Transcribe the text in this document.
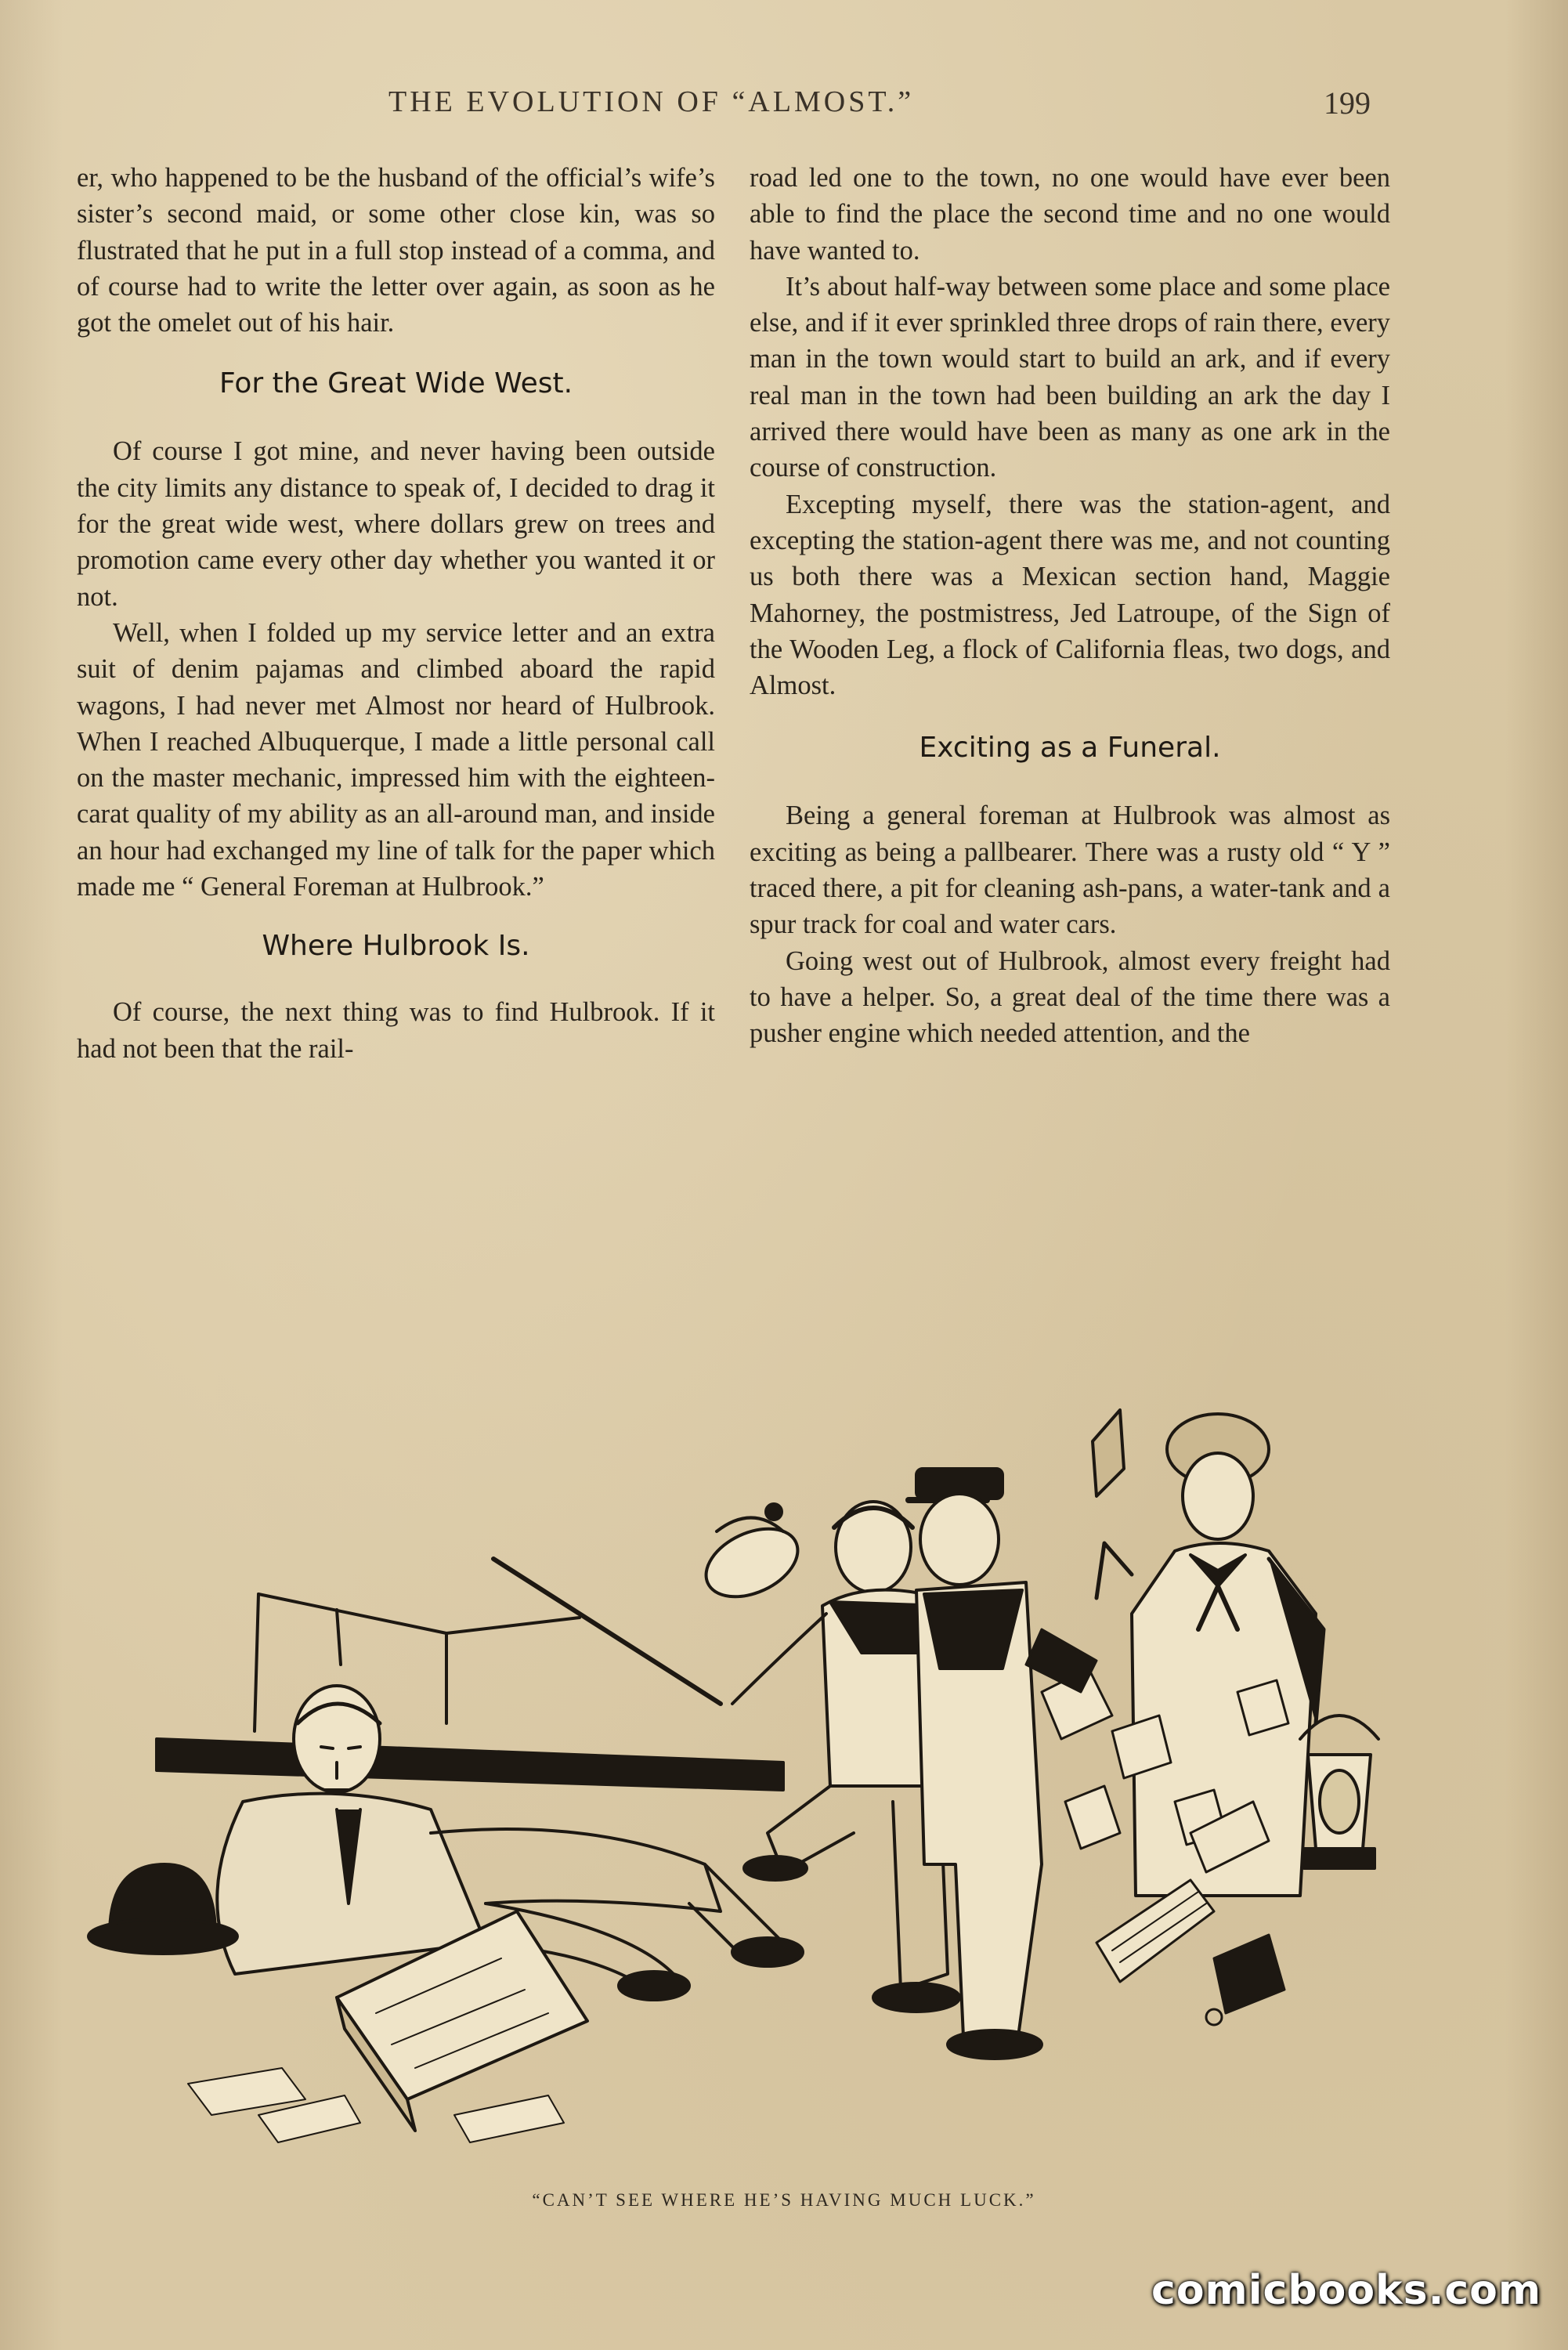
THE EVOLUTION OF “ALMOST.”	199

er, who happened to be the husband of the official’s wife’s sister’s second maid, or some other close kin, was so flustrated that he put in a full stop instead of a comma, and of course had to write the letter over again, as soon as he got the omelet out of his hair.

For the Great Wide West.

Of course I got mine, and never having been outside the city limits any distance to speak of, I decided to drag it for the great wide west, where dollars grew on trees and promotion came every other day whether you wanted it or not.

Well, when I folded up my service letter and an extra suit of denim pajamas and climbed aboard the rapid wagons, I had never met Almost nor heard of Hulbrook. When I reached Albuquerque, I made a little personal call on the master mechanic, impressed him with the eighteen-carat quality of my ability as an all-around man, and inside an hour had exchanged my line of talk for the paper which made me “ General Foreman at Hulbrook.”

Where Hulbrook Is.

Of course, the next thing was to find Hulbrook. If it had not been that the rail-

road led one to the town, no one would have ever been able to find the place the second time and no one would have wanted to.

It’s about half-way between some place and some place else, and if it ever sprinkled three drops of rain there, every man in the town would start to build an ark, and if every real man in the town had been building an ark the day I arrived there would have been as many as one ark in the course of construction.

Excepting myself, there was the station-agent, and excepting the station-agent there was me, and not counting us both there was a Mexican section hand, Maggie Mahorney, the postmistress, Jed Latroupe, of the Sign of the Wooden Leg, a flock of California fleas, two dogs, and Almost.

Exciting as a Funeral.

Being a general foreman at Hulbrook was almost as exciting as being a pallbearer. There was a rusty old “ Y ” traced there, a pit for cleaning ash-pans, a water-tank and a spur track for coal and water cars.

Going west out of Hulbrook, almost every freight had to have a helper. So, a great deal of the time there was a pusher engine which needed attention, and the

“CAN’T SEE WHERE HE’S HAVING MUCH LUCK.”
comicbooks.com
